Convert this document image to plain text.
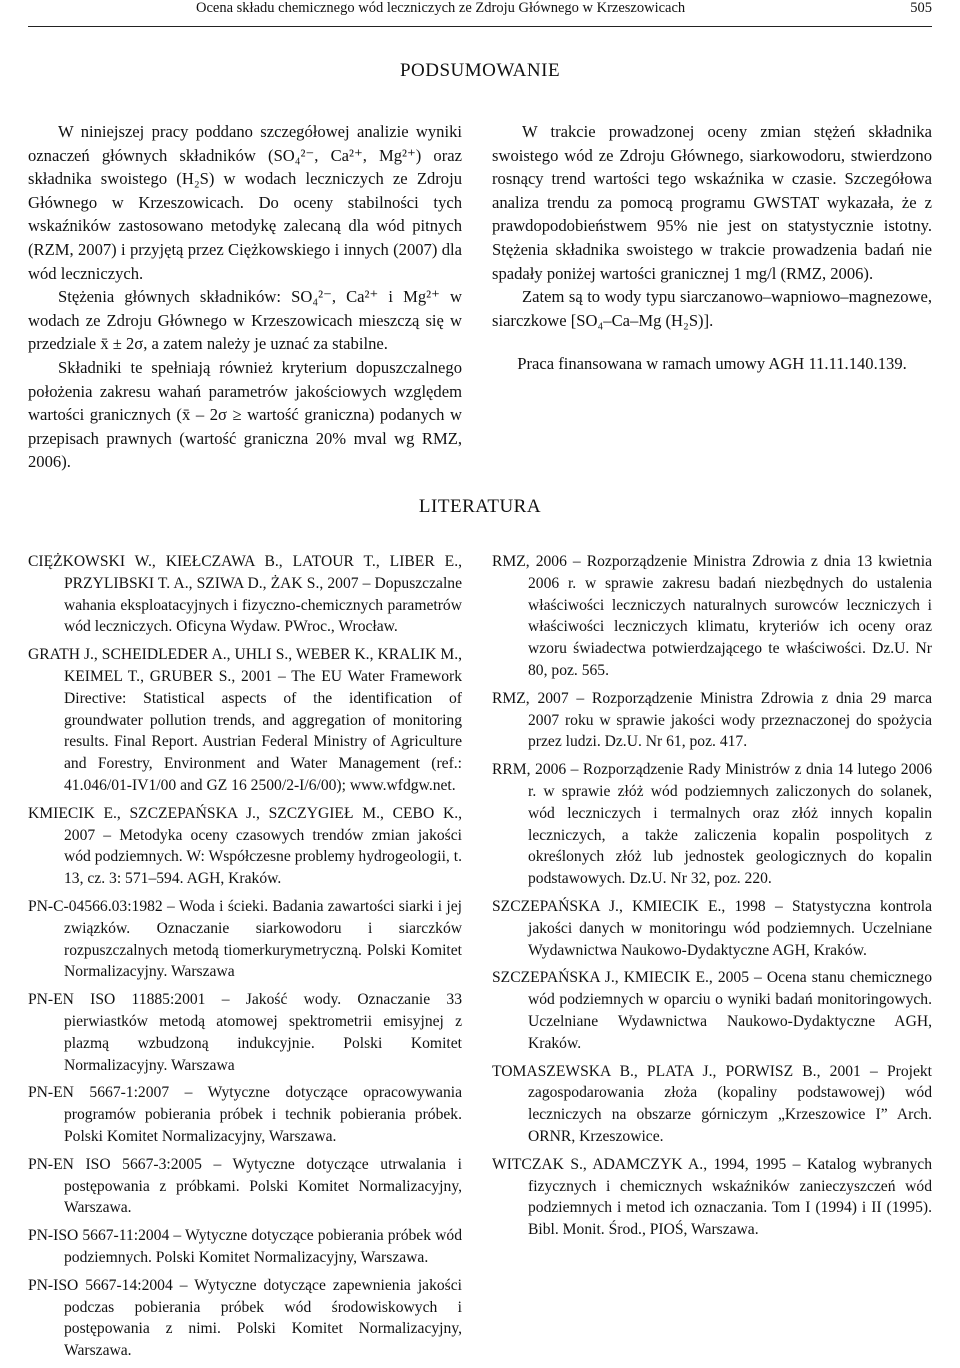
Ocena składu chemicznego wód leczniczych ze Zdroju Głównego w Krzeszowicach	505
PODSUMOWANIE

W niniejszej pracy poddano szczegółowej analizie wyniki oznaczeń głównych składników (SO₄²⁻, Ca²⁺, Mg²⁺) oraz składnika swoistego (H₂S) w wodach leczniczych ze Zdroju Głównego w Krzeszowicach. Do oceny stabilności tych wskaźników zastosowano metodykę zalecaną dla wód pitnych (RZM, 2007) i przyjętą przez Ciężkowskiego i innych (2007) dla wód leczniczych.

Stężenia głównych składników: SO₄²⁻, Ca²⁺ i Mg²⁺ w wodach ze Zdroju Głównego w Krzeszowicach mieszczą się w przedziale x̄ ± 2σ, a zatem należy je uznać za stabilne.

Składniki te spełniają również kryterium dopuszczalnego położenia zakresu wahań parametrów jakościowych względem wartości granicznych (x̄ – 2σ ≥ wartość graniczna) podanych w przepisach prawnych (wartość graniczna 20% mval wg RMZ, 2006).

W trakcie prowadzonej oceny zmian stężeń składnika swoistego wód ze Zdroju Głównego, siarkowodoru, stwierdzono rosnący trend wartości tego wskaźnika w czasie. Szczegółowa analiza trendu za pomocą programu GWSTAT wykazała, że z prawdopodobieństwem 95% nie jest on statystycznie istotny. Stężenia składnika swoistego w trakcie prowadzenia badań nie spadały poniżej wartości granicznej 1 mg/l (RMZ, 2006).

Zatem są to wody typu siarczanowo–wapniowo–magnezowe, siarczkowe [SO₄–Ca–Mg (H₂S)].

Praca finansowana w ramach umowy AGH 11.11.140.139.

LITERATURA

CIĘŻKOWSKI W., KIEŁCZAWA B., LATOUR T., LIBER E., PRZYLIBSKI T. A., SZIWA D., ŻAK S., 2007 – Dopuszczalne wahania eksploatacyjnych i fizyczno-chemicznych parametrów wód leczniczych. Oficyna Wydaw. PWroc., Wrocław.

GRATH J., SCHEIDLEDER A., UHLI S., WEBER K., KRALIK M., KEIMEL T., GRUBER S., 2001 – The EU Water Framework Directive: Statistical aspects of the identification of groundwater pollution trends, and aggregation of monitoring results. Final Report. Austrian Federal Ministry of Agriculture and Forestry, Environment and Water Management (ref.: 41.046/01-IV1/00 and GZ 16 2500/2-I/6/00); www.wfdgw.net.

KMIECIK E., SZCZEPAŃSKA J., SZCZYGIEŁ M., CEBO K., 2007 – Metodyka oceny czasowych trendów zmian jakości wód podziemnych. W: Współczesne problemy hydrogeologii, t. 13, cz. 3: 571–594. AGH, Kraków.

PN-C-04566.03:1982 – Woda i ścieki. Badania zawartości siarki i jej związków. Oznaczanie siarkowodoru i siarczków rozpuszczalnych metodą tiomerkurymetryczną. Polski Komitet Normalizacyjny. Warszawa

PN-EN ISO 11885:2001 – Jakość wody. Oznaczanie 33 pierwiastków metodą atomowej spektrometrii emisyjnej z plazmą wzbudzoną indukcyjnie. Polski Komitet Normalizacyjny. Warszawa

PN-EN 5667-1:2007 – Wytyczne dotyczące opracowywania programów pobierania próbek i technik pobierania próbek. Polski Komitet Normalizacyjny, Warszawa.

PN-EN ISO 5667-3:2005 – Wytyczne dotyczące utrwalania i postępowania z próbkami. Polski Komitet Normalizacyjny, Warszawa.

PN-ISO 5667-11:2004 – Wytyczne dotyczące pobierania próbek wód podziemnych. Polski Komitet Normalizacyjny, Warszawa.

PN-ISO 5667-14:2004 – Wytyczne dotyczące zapewnienia jakości podczas pobierania próbek wód środowiskowych i postępowania z nimi. Polski Komitet Normalizacyjny, Warszawa.

RMZ, 2006 – Rozporządzenie Ministra Zdrowia z dnia 13 kwietnia 2006 r. w sprawie zakresu badań niezbędnych do ustalenia właściwości leczniczych naturalnych surowców leczniczych i właściwości leczniczych klimatu, kryteriów ich oceny oraz wzoru świadectwa potwierdzającego te właściwości. Dz.U. Nr 80, poz. 565.

RMZ, 2007 – Rozporządzenie Ministra Zdrowia z dnia 29 marca 2007 roku w sprawie jakości wody przeznaczonej do spożycia przez ludzi. Dz.U. Nr 61, poz. 417.

RRM, 2006 – Rozporządzenie Rady Ministrów z dnia 14 lutego 2006 r. w sprawie złóż wód podziemnych zaliczonych do solanek, wód leczniczych i termalnych oraz złóż innych kopalin leczniczych, a także zaliczenia kopalin pospolitych z określonych złóż lub jednostek geologicznych do kopalin podstawowych. Dz.U. Nr 32, poz. 220.

SZCZEPAŃSKA J., KMIECIK E., 1998 – Statystyczna kontrola jakości danych w monitoringu wód podziemnych. Uczelniane Wydawnictwa Naukowo-Dydaktyczne AGH, Kraków.

SZCZEPAŃSKA J., KMIECIK E., 2005 – Ocena stanu chemicznego wód podziemnych w oparciu o wyniki badań monitoringowych. Uczelniane Wydawnictwa Naukowo-Dydaktyczne AGH, Kraków.

TOMASZEWSKA B., PLATA J., PORWISZ B., 2001 – Projekt zagospodarowania złoża (kopaliny podstawowej) wód leczniczych na obszarze górniczym „Krzeszowice I” Arch. ORNR, Krzeszowice.

WITCZAK S., ADAMCZYK A., 1994, 1995 – Katalog wybranych fizycznych i chemicznych wskaźników zanieczyszczeń wód podziemnych i metod ich oznaczania. Tom I (1994) i II (1995). Bibl. Monit. Środ., PIOŚ, Warszawa.
